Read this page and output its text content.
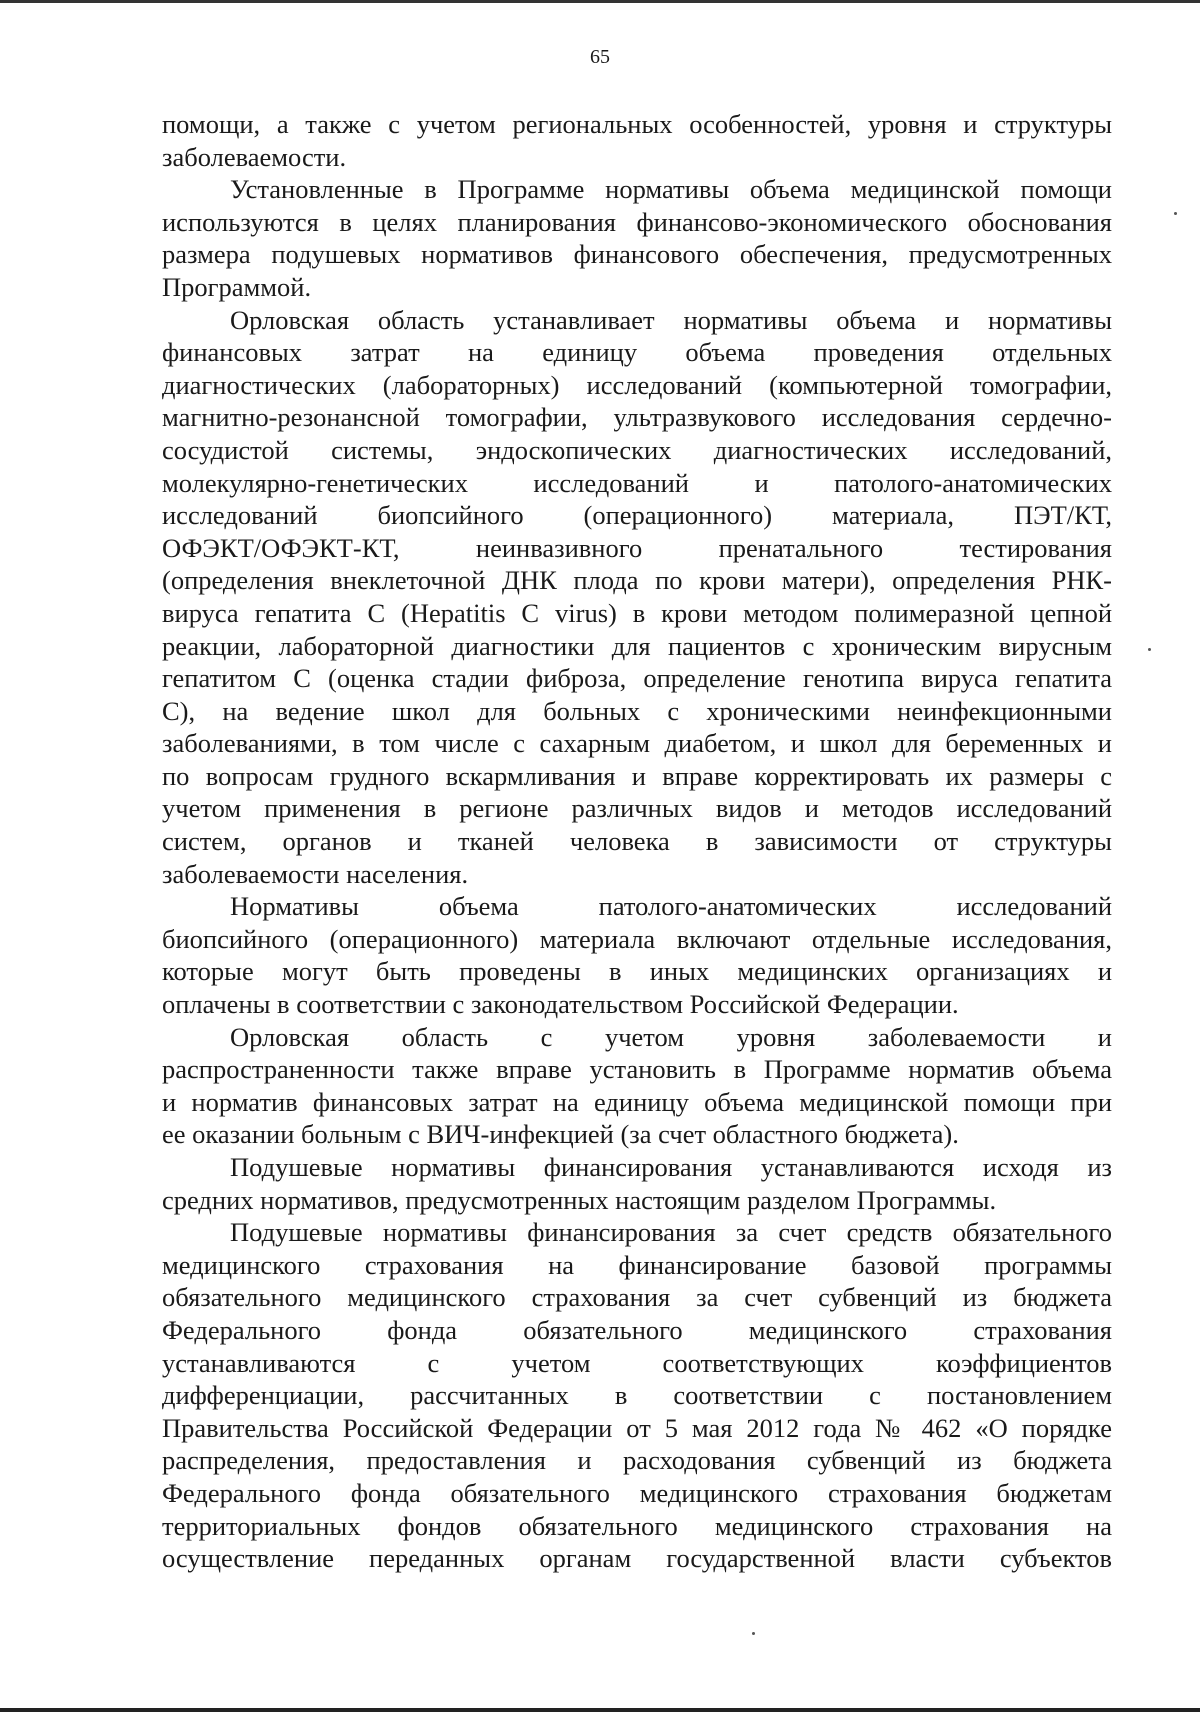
65

помощи, а также с учетом региональных особенностей, уровня и структуры
заболеваемости.

Установленные в Программе нормативы объема медицинской помощи
используются в целях планирования финансово-экономического обоснования
размера подушевых нормативов финансового обеспечения, предусмотренных
Программой.

Орловская область устанавливает нормативы объема и нормативы
финансовых затрат на единицу объема проведения отдельных
диагностических (лабораторных) исследований (компьютерной томографии,
магнитно-резонансной томографии, ультразвукового исследования сердечно-
сосудистой системы, эндоскопических диагностических исследований,
молекулярно-генетических исследований и патолого-анатомических
исследований биопсийного (операционного) материала, ПЭТ/КТ,
ОФЭКТ/ОФЭКТ-КТ, неинвазивного пренатального тестирования
(определения внеклеточной ДНК плода по крови матери), определения РНК-
вируса гепатита С (Hepatitis C virus) в крови методом полимеразной цепной
реакции, лабораторной диагностики для пациентов с хроническим вирусным
гепатитом С (оценка стадии фиброза, определение генотипа вируса гепатита
С), на ведение школ для больных с хроническими неинфекционными
заболеваниями, в том числе с сахарным диабетом, и школ для беременных и
по вопросам грудного вскармливания и вправе корректировать их размеры с
учетом применения в регионе различных видов и методов исследований
систем, органов и тканей человека в зависимости от структуры
заболеваемости населения.

Нормативы объема патолого-анатомических исследований
биопсийного (операционного) материала включают отдельные исследования,
которые могут быть проведены в иных медицинских организациях и
оплачены в соответствии с законодательством Российской Федерации.

Орловская область с учетом уровня заболеваемости и
распространенности также вправе установить в Программе норматив объема
и норматив финансовых затрат на единицу объема медицинской помощи при
ее оказании больным с ВИЧ-инфекцией (за счет областного бюджета).

Подушевые нормативы финансирования устанавливаются исходя из
средних нормативов, предусмотренных настоящим разделом Программы.

Подушевые нормативы финансирования за счет средств обязательного
медицинского страхования на финансирование базовой программы
обязательного медицинского страхования за счет субвенций из бюджета
Федерального фонда обязательного медицинского страхования
устанавливаются с учетом соответствующих коэффициентов
дифференциации, рассчитанных в соответствии с постановлением
Правительства Российской Федерации от 5 мая 2012 года № 462 «О порядке
распределения, предоставления и расходования субвенций из бюджета
Федерального фонда обязательного медицинского страхования бюджетам
территориальных фондов обязательного медицинского страхования на
осуществление переданных органам государственной власти субъектов
